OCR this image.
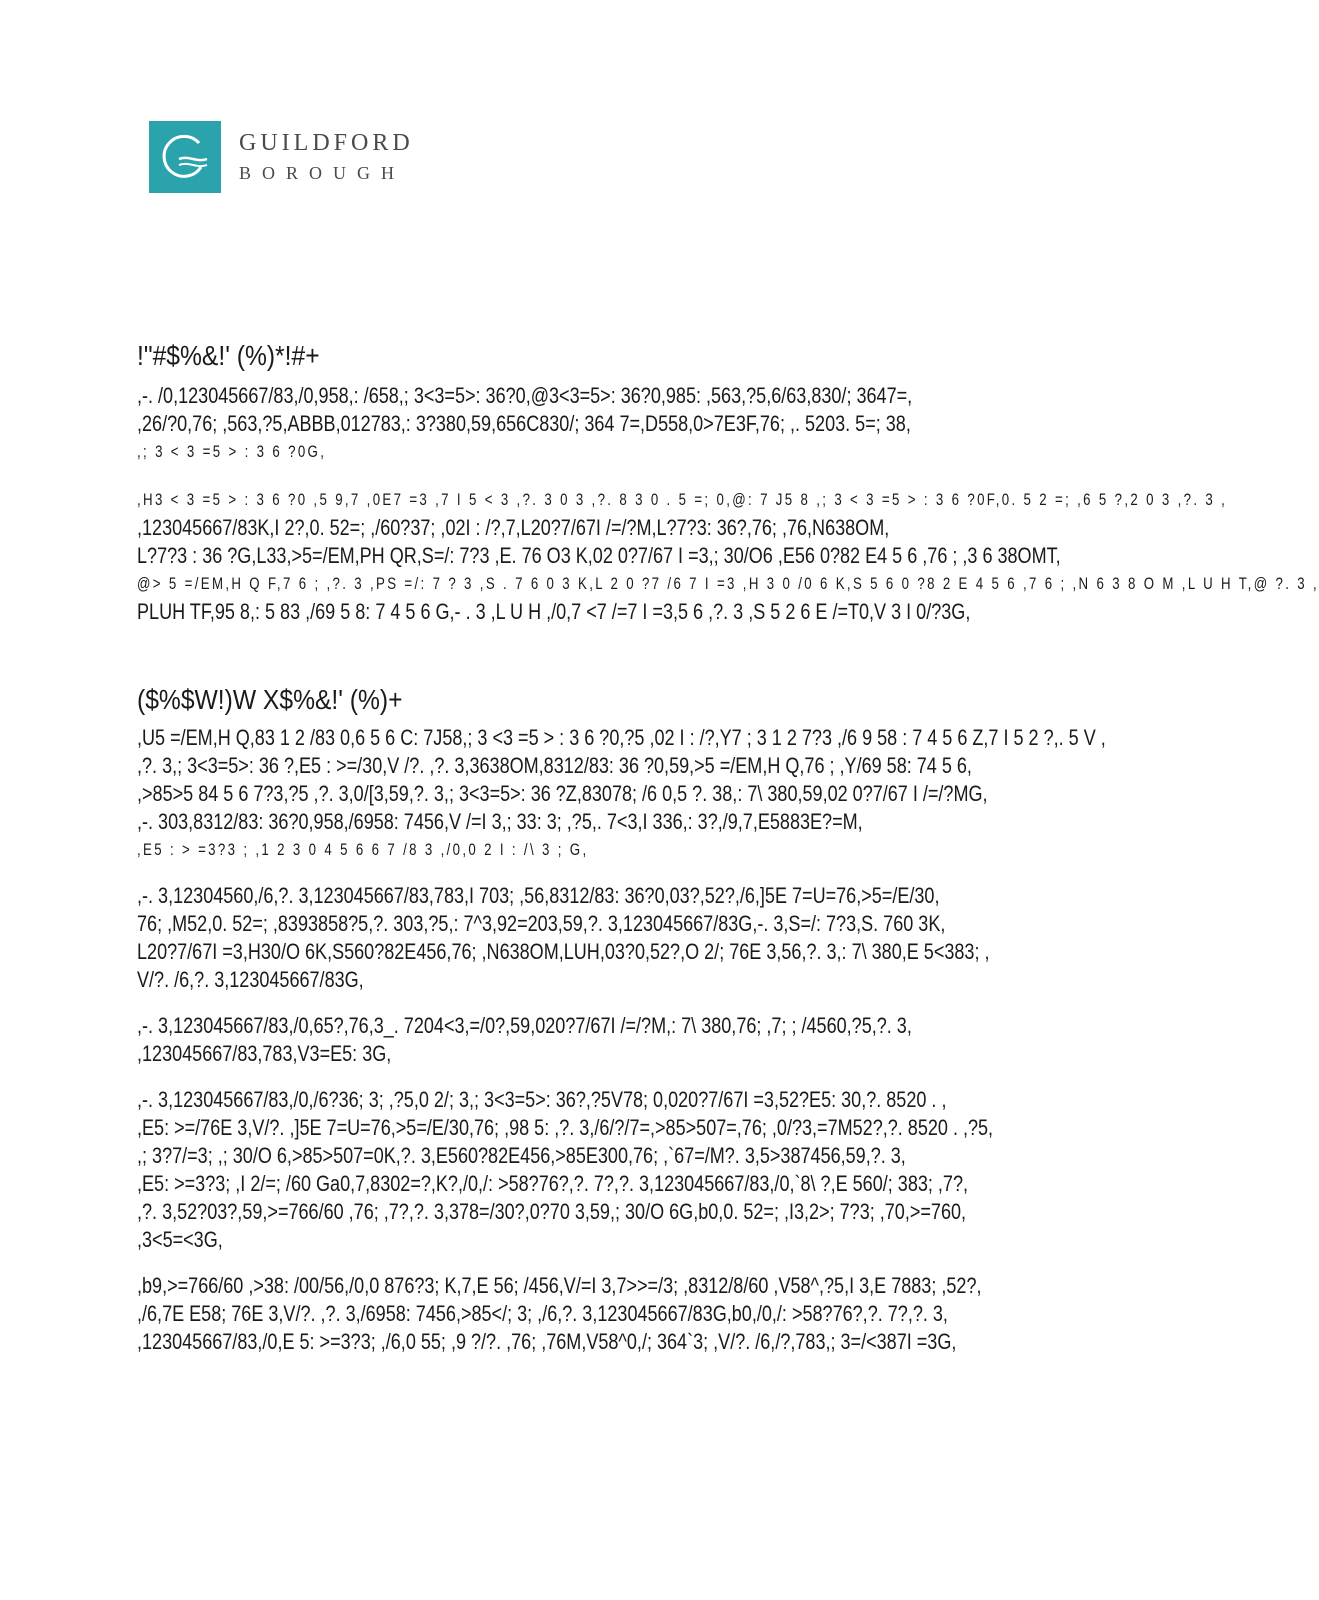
GUILDFORD
BOROUGH
!"#$%&!' (%)*!#+
,-. /0,123045667/83,/0,958,: /658,; 3<3=5>: 36?0,@3<3=5>: 36?0,985: ,563,?5,6/63,830/; 3647=,
,26/?0,76; ,563,?5,ABBB,012783,: 3?380,59,656C830/; 364 7=,D558,0>7E3F,76; ,. 5203. 5=; 38,
,; 3 < 3 =5 > : 3 6 ?0G,
,H3 < 3 =5 > : 3 6 ?0 ,5 9,7 ,0E7 =3 ,7 I 5 < 3 ,?. 3 0 3 ,?. 8 3 0 . 5 =; 0,@: 7 J5 8 ,; 3 < 3 =5 > : 3 6 ?0F,0. 5 2 =; ,6 5 ?,2 0 3 ,?. 3 ,
,123045667/83K,I 2?,0. 52=; ,/60?37; ,02I : /?,7,L20?7/67I /=/?M,L?7?3: 36?,76; ,76,N638OM,
L?7?3 : 36 ?G,L33,>5=/EM,PH QR,S=/: 7?3 ,E. 76 O3 K,02 0?7/67 I =3,; 30/O6 ,E56 0?82 E4 5 6 ,76 ; ,3 6 38OMT,
@> 5 =/EM,H Q F,7 6 ; ,?. 3 ,PS =/: 7 ? 3 ,S . 7 6 0 3 K,L 2 0 ?7 /6 7 I =3 ,H 3 0 /0 6 K,S 5 6 0 ?8 2 E 4 5 6 ,7 6 ; ,N 6 3 8 O M ,L U H T,@ ?. 3 ,
PLUH TF,95 8,: 5 83 ,/69 5 8: 7 4 5 6 G,- . 3 ,L U H ,/0,7 <7 /=7 I =3,5 6 ,?. 3 ,S 5 2 6 E /=T0,V 3 I 0/?3G,
($%$W!)W X$%&!' (%)+
,U5 =/EM,H Q,83 1 2 /83 0,6 5 6 C: 7J58,; 3 <3 =5 > : 3 6 ?0,?5 ,02 I : /?,Y7 ; 3 1 2 7?3 ,/6 9 58 : 7 4 5 6 Z,7 I 5 2 ?,. 5 V ,
,?. 3,; 3<3=5>: 36 ?,E5 : >=/30,V /?. ,?. 3,3638OM,8312/83: 36 ?0,59,>5 =/EM,H Q,76 ; ,Y/69 58: 74 5 6,
,>85>5 84 5 6 7?3,?5 ,?. 3,0/[3,59,?. 3,; 3<3=5>: 36 ?Z,83078; /6 0,5 ?. 38,: 7\ 380,59,02 0?7/67 I /=/?MG,
,-. 303,8312/83: 36?0,958,/6958: 7456,V /=I 3,; 33: 3; ,?5,. 7<3,I 336,: 3?,/9,7,E5883E?=M,
,E5 : > =3?3 ; ,1 2 3 0 4 5 6 6 7 /8 3 ,/0,0 2 I : /\ 3 ; G,
,-. 3,12304560,/6,?. 3,123045667/83,783,I 703; ,56,8312/83: 36?0,03?,52?,/6,]5E 7=U=76,>5=/E/30,
76; ,M52,0. 52=; ,8393858?5,?. 303,?5,: 7^3,92=203,59,?. 3,123045667/83G,-. 3,S=/: 7?3,S. 760 3K,
L20?7/67I =3,H30/O 6K,S560?82E456,76; ,N638OM,LUH,03?0,52?,O 2/; 76E 3,56,?. 3,: 7\ 380,E 5<383; ,
V/?. /6,?. 3,123045667/83G,
,-. 3,123045667/83,/0,65?,76,3_. 7204<3,=/0?,59,020?7/67I /=/?M,: 7\ 380,76; ,7; ; /4560,?5,?. 3,
,123045667/83,783,V3=E5: 3G,
,-. 3,123045667/83,/0,/6?36; 3; ,?5,0 2/; 3,; 3<3=5>: 36?,?5V78; 0,020?7/67I =3,52?E5: 30,?. 8520 . ,
,E5: >=/76E 3,V/?. ,]5E 7=U=76,>5=/E/30,76; ,98 5: ,?. 3,/6/?/7=,>85>507=,76; ,0/?3,=7M52?,?. 8520 . ,?5,
,; 3?7/=3; ,; 30/O 6,>85>507=0K,?. 3,E560?82E456,>85E300,76; ,`67=/M?. 3,5>387456,59,?. 3,
,E5: >=3?3; ,I 2/=; /60 Ga0,7,8302=?,K?,/0,/: >58?76?,?. 7?,?. 3,123045667/83,/0,`8\ ?,E 560/; 383; ,7?,
,?. 3,52?03?,59,>=766/60 ,76; ,7?,?. 3,378=/30?,0?70 3,59,; 30/O 6G,b0,0. 52=; ,I3,2>; 7?3; ,70,>=760,
,3<5=<3G,
,b9,>=766/60 ,>38: /00/56,/0,0 876?3; K,7,E 56; /456,V/=I 3,7>>=/3; ,8312/8/60 ,V58^,?5,I 3,E 7883; ,52?,
,/6,7E E58; 76E 3,V/?. ,?. 3,/6958: 7456,>85</; 3; ,/6,?. 3,123045667/83G,b0,/0,/: >58?76?,?. 7?,?. 3,
,123045667/83,/0,E 5: >=3?3; ,/6,0 55; ,9 ?/?. ,76; ,76M,V58^0,/; 364`3; ,V/?. /6,/?,783,; 3=/<387I =3G,
